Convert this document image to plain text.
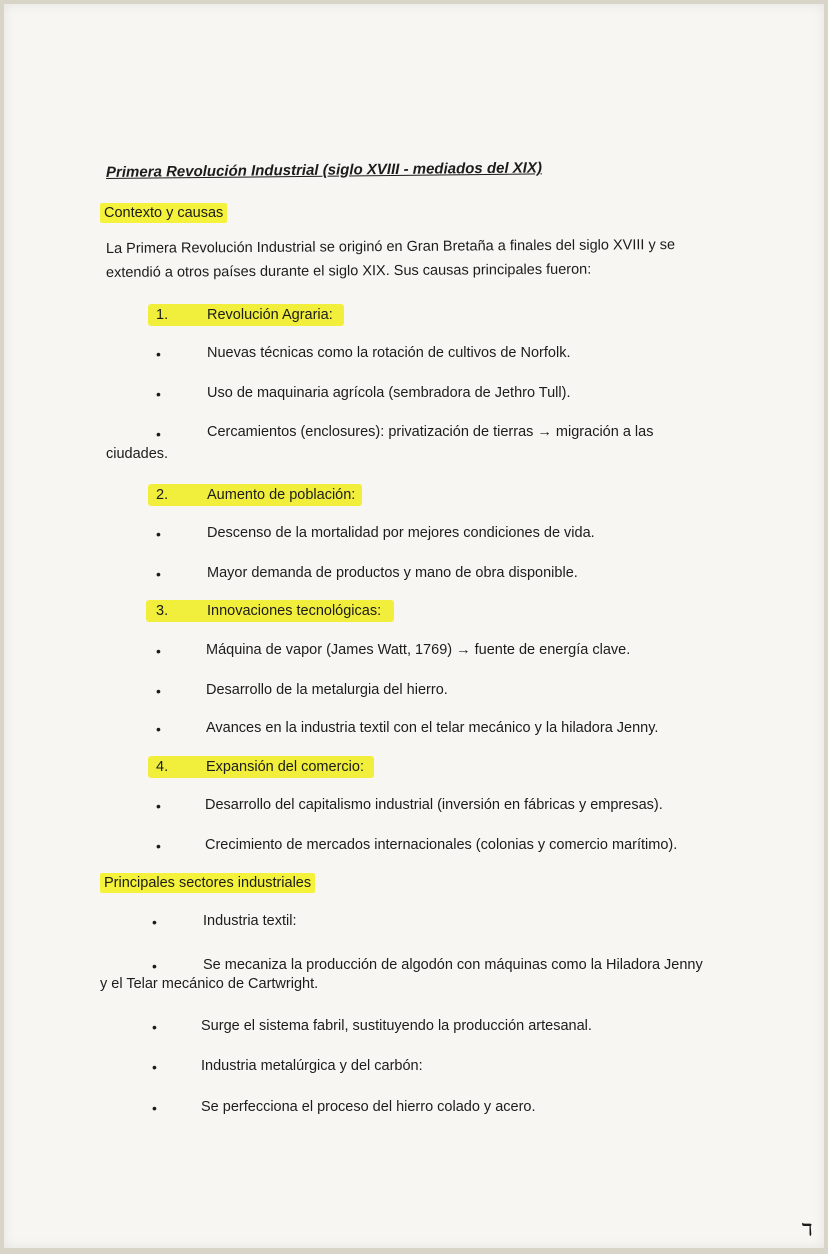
Primera Revolución Industrial (siglo XVIII - mediados del XIX)
Contexto y causas
La Primera Revolución Industrial se originó en Gran Bretaña a finales del siglo XVIII y se
extendió a otros países durante el siglo XIX. Sus causas principales fueron:
1.	Revolución Agraria:
•	Nuevas técnicas como la rotación de cultivos de Norfolk.
•	Uso de maquinaria agrícola (sembradora de Jethro Tull).
•	Cercamientos (enclosures): privatización de tierras → migración a las
ciudades.
2.	Aumento de población:
•	Descenso de la mortalidad por mejores condiciones de vida.
•	Mayor demanda de productos y mano de obra disponible.
3.	Innovaciones tecnológicas:
•	Máquina de vapor (James Watt, 1769) → fuente de energía clave.
•	Desarrollo de la metalurgia del hierro.
•	Avances en la industria textil con el telar mecánico y la hiladora Jenny.
4.	Expansión del comercio:
•	Desarrollo del capitalismo industrial (inversión en fábricas y empresas).
•	Crecimiento de mercados internacionales (colonias y comercio marítimo).
Principales sectores industriales
•	Industria textil:
•	Se mecaniza la producción de algodón con máquinas como la Hiladora Jenny
y el Telar mecánico de Cartwright.
•	Surge el sistema fabril, sustituyendo la producción artesanal.
•	Industria metalúrgica y del carbón:
•	Se perfecciona el proceso del hierro colado y acero.
ℸ
